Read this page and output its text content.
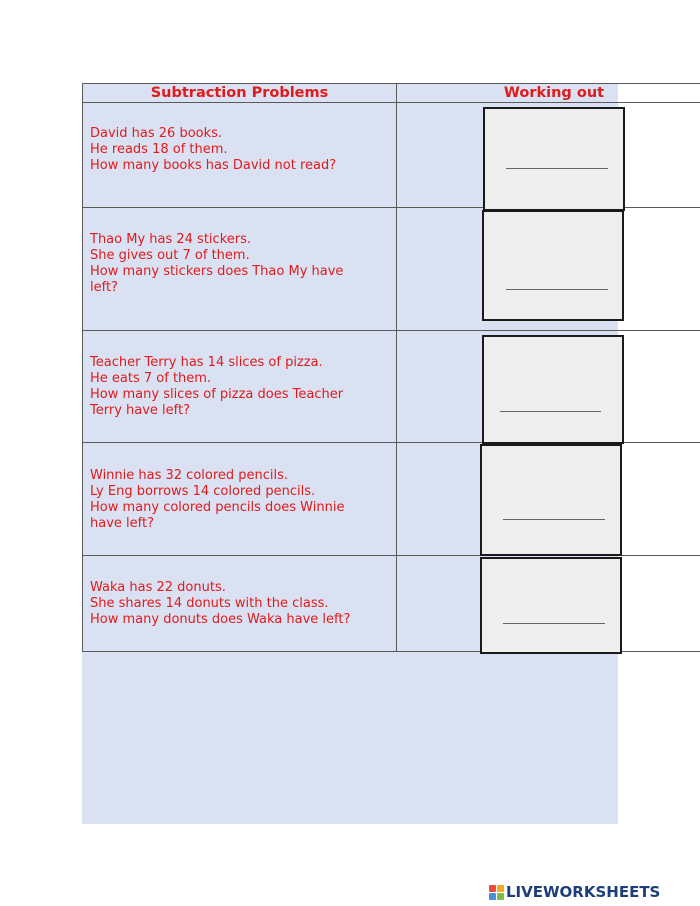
Subtraction Problems	Working out
David has 26 books.
He reads 18 of them.
How many books has David not read?
Thao My has 24 stickers.
She gives out 7 of them.
How many stickers does Thao My have
left?
Teacher Terry has 14 slices of pizza.
He eats 7 of them.
How many slices of pizza does Teacher
Terry have left?
Winnie has 32 colored pencils.
Ly Eng borrows 14 colored pencils.
How many colored pencils does Winnie
have left?
Waka has 22 donuts.
She shares 14 donuts with the class.
How many donuts does Waka have left?
LIVEWORKSHEETS
